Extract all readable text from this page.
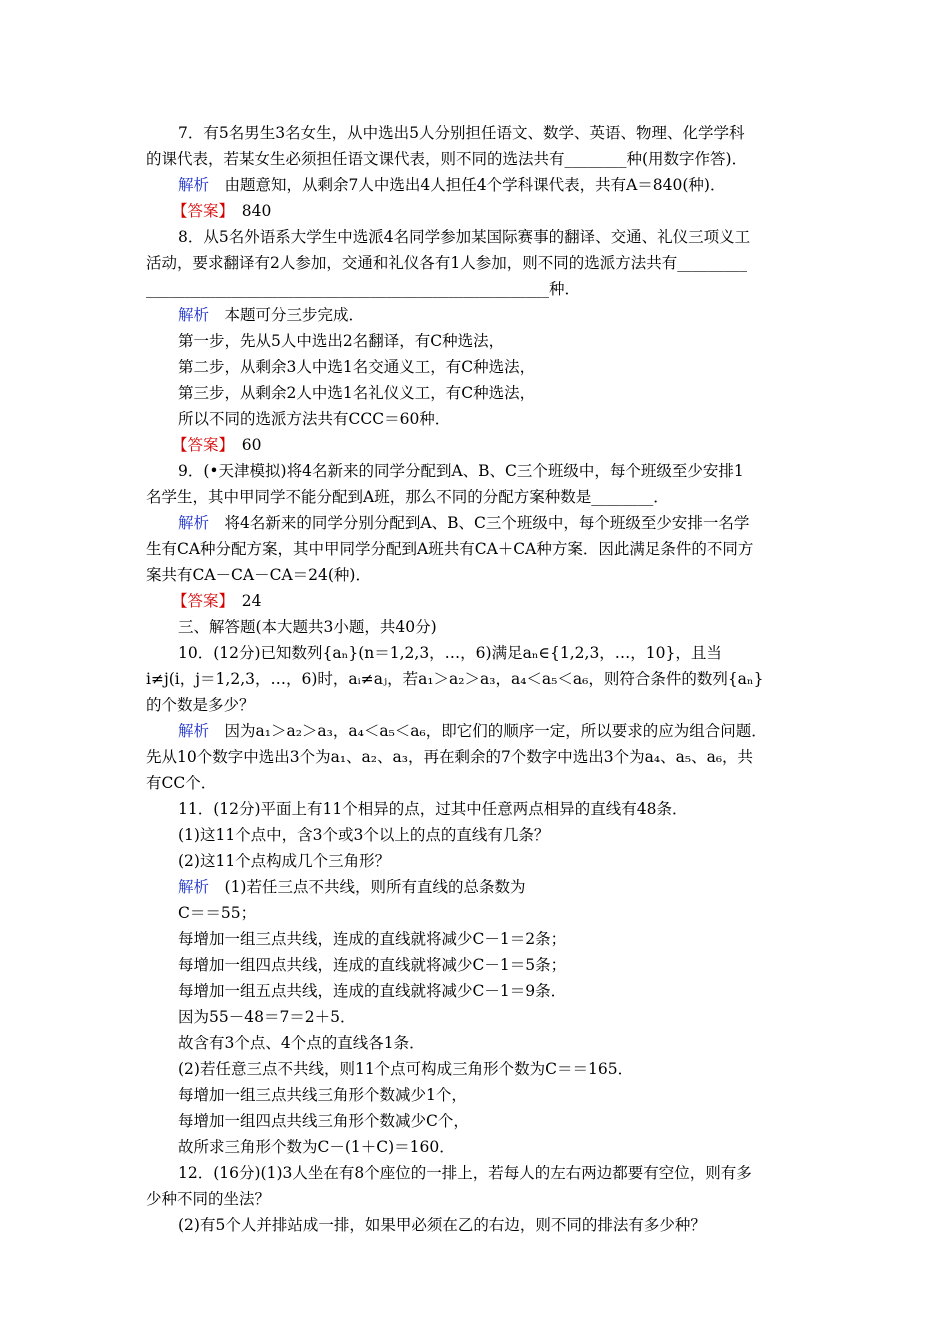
7．有5名男生3名女生，从中选出5人分别担任语文、数学、英语、物理、化学学科
的课代表，若某女生必须担任语文课代表，则不同的选法共有________种(用数字作答)．
解析　由题意知，从剩余7人中选出4人担任4个学科课代表，共有A＝840(种)．
【答案】　840
8．从5名外语系大学生中选派4名同学参加某国际赛事的翻译、交通、礼仪三项义工
活动，要求翻译有2人参加，交通和礼仪各有1人参加，则不同的选派方法共有_________
____________________________________________________种．
解析　本题可分三步完成．
第一步，先从5人中选出2名翻译，有C种选法，
第二步，从剩余3人中选1名交通义工，有C种选法，
第三步，从剩余2人中选1名礼仪义工，有C种选法，
所以不同的选派方法共有CCC＝60种．
【答案】　60
9．(•天津模拟)将4名新来的同学分配到A、B、C三个班级中，每个班级至少安排1
名学生，其中甲同学不能分配到A班，那么不同的分配方案种数是________．
解析　将4名新来的同学分别分配到A、B、C三个班级中，每个班级至少安排一名学
生有CA种分配方案，其中甲同学分配到A班共有CA＋CA种方案．因此满足条件的不同方
案共有CA－CA－CA＝24(种)．
【答案】　24
三、解答题(本大题共3小题，共40分)
10．(12分)已知数列{aₙ}(n＝1,2,3，…，6)满足aₙ∈{1,2,3，…，10}，且当
i≠j(i，j＝1,2,3，…，6)时，aᵢ≠aⱼ，若a₁＞a₂＞a₃，a₄＜a₅＜a₆，则符合条件的数列{aₙ}
的个数是多少？
解析　因为a₁＞a₂＞a₃，a₄＜a₅＜a₆，即它们的顺序一定，所以要求的应为组合问题．
先从10个数字中选出3个为a₁、a₂、a₃，再在剩余的7个数字中选出3个为a₄、a₅、a₆，共
有CC个．
11．(12分)平面上有11个相异的点，过其中任意两点相异的直线有48条．
(1)这11个点中，含3个或3个以上的点的直线有几条？
(2)这11个点构成几个三角形？
解析　(1)若任三点不共线，则所有直线的总条数为
C＝＝55；
每增加一组三点共线，连成的直线就将减少C－1＝2条；
每增加一组四点共线，连成的直线就将减少C－1＝5条；
每增加一组五点共线，连成的直线就将减少C－1＝9条．
因为55－48＝7＝2＋5．
故含有3个点、4个点的直线各1条．
(2)若任意三点不共线，则11个点可构成三角形个数为C＝＝165．
每增加一组三点共线三角形个数减少1个，
每增加一组四点共线三角形个数减少C个，
故所求三角形个数为C－(1＋C)＝160．
12．(16分)(1)3人坐在有8个座位的一排上，若每人的左右两边都要有空位，则有多
少种不同的坐法？
(2)有5个人并排站成一排，如果甲必须在乙的右边，则不同的排法有多少种？
